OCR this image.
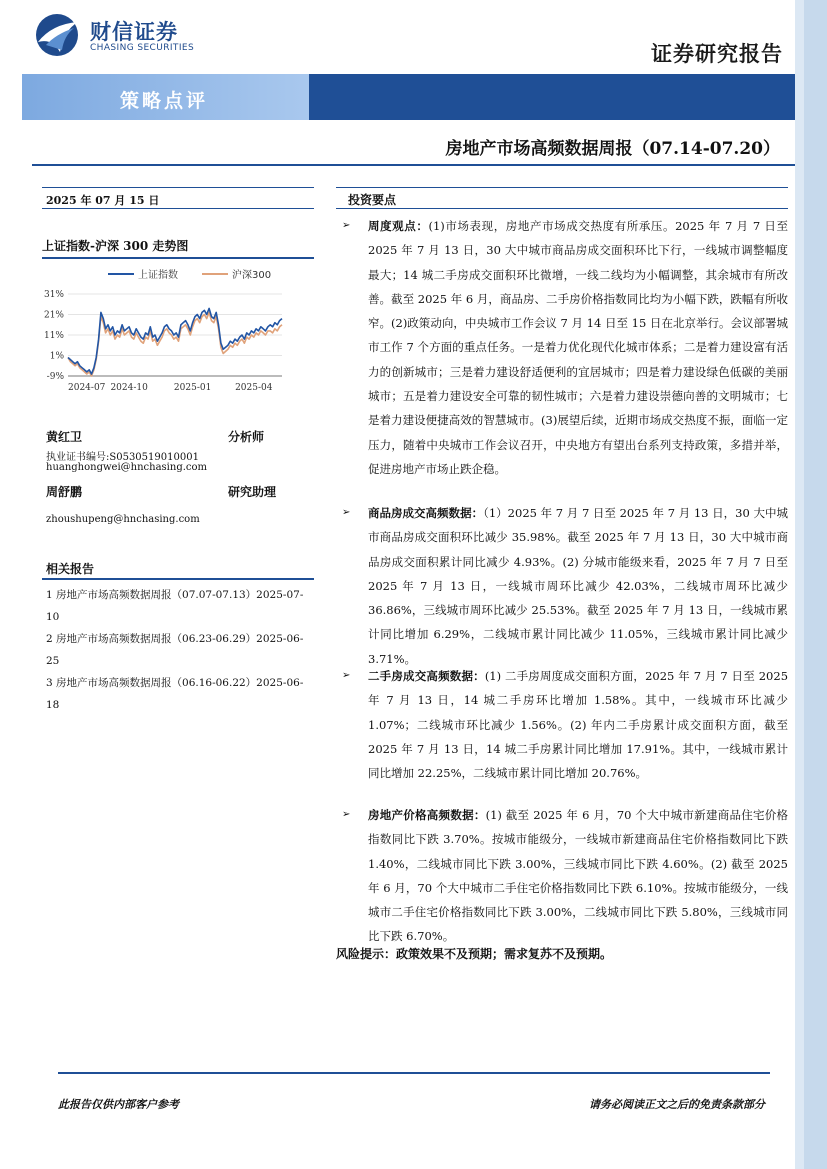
财信证券
CHASING SECURITIES	证券研究报告
策略点评
房地产市场高频数据周报（07.14-07.20）
2025 年 07 月 15 日
上证指数-沪深 300 走势图
31%
21%
11%
1%
-9%
2024-07 2024-10	2025-01	2025-04
上证指数	沪深300
黄红卫	分析师
执业证书编号:S0530519010001
huanghongwei@hnchasing.com
周舒鹏	研究助理
zhoushupeng@hnchasing.com
相关报告
1 房地产市场高频数据周报（07.07-07.13）2025-07-10
2 房地产市场高频数据周报（06.23-06.29）2025-06-25
3 房地产市场高频数据周报（06.16-06.22）2025-06-18
投资要点
➢ 周度观点：(1)市场表现，房地产市场成交热度有所承压。2025 年 7 月 7 日至 2025 年 7 月 13 日，30 大中城市商品房成交面积环比下行，一线城市调整幅度最大；14 城二手房成交面积环比微增，一线二线均为小幅调整，其余城市有所改善。截至 2025 年 6 月，商品房、二手房价格指数同比均为小幅下跌，跌幅有所收窄。(2)政策动向，中央城市工作会议 7 月 14 日至 15 日在北京举行。会议部署城市工作 7 个方面的重点任务。一是着力优化现代化城市体系；二是着力建设富有活力的创新城市；三是着力建设舒适便利的宜居城市；四是着力建设绿色低碳的美丽城市；五是着力建设安全可靠的韧性城市；六是着力建设崇德向善的文明城市；七是着力建设便捷高效的智慧城市。(3)展望后续，近期市场成交热度不振，面临一定压力，随着中央城市工作会议召开，中央地方有望出台系列支持政策，多措并举，促进房地产市场止跌企稳。
➢ 商品房成交高频数据：（1）2025 年 7 月 7 日至 2025 年 7 月 13 日，30 大中城市商品房成交面积环比减少 35.98%。截至 2025 年 7 月 13 日，30 大中城市商品房成交面积累计同比减少 4.93%。(2) 分城市能级来看，2025 年 7 月 7 日至 2025 年 7 月 13 日，一线城市周环比减少 42.03%，二线城市周环比减少 36.86%，三线城市周环比减少 25.53%。截至 2025 年 7 月 13 日，一线城市累计同比增加 6.29%，二线城市累计同比减少 11.05%，三线城市累计同比减少 3.71%。
➢ 二手房成交高频数据：(1) 二手房周度成交面积方面，2025 年 7 月 7 日至 2025 年 7 月 13 日，14 城二手房环比增加 1.58%。其中，一线城市环比减少 1.07%；二线城市环比减少 1.56%。(2) 年内二手房累计成交面积方面，截至 2025 年 7 月 13 日，14 城二手房累计同比增加 17.91%。其中，一线城市累计同比增加 22.25%，二线城市累计同比增加 20.76%。
➢ 房地产价格高频数据：(1) 截至 2025 年 6 月，70 个大中城市新建商品住宅价格指数同比下跌 3.70%。按城市能级分，一线城市新建商品住宅价格指数同比下跌 1.40%，二线城市同比下跌 3.00%，三线城市同比下跌 4.60%。(2) 截至 2025 年 6 月，70 个大中城市二手住宅价格指数同比下跌 6.10%。按城市能级分，一线城市二手住宅价格指数同比下跌 3.00%，二线城市同比下跌 5.80%，三线城市同比下跌 6.70%。
风险提示：政策效果不及预期；需求复苏不及预期。
此报告仅供内部客户参考	请务必阅读正文之后的免责条款部分
